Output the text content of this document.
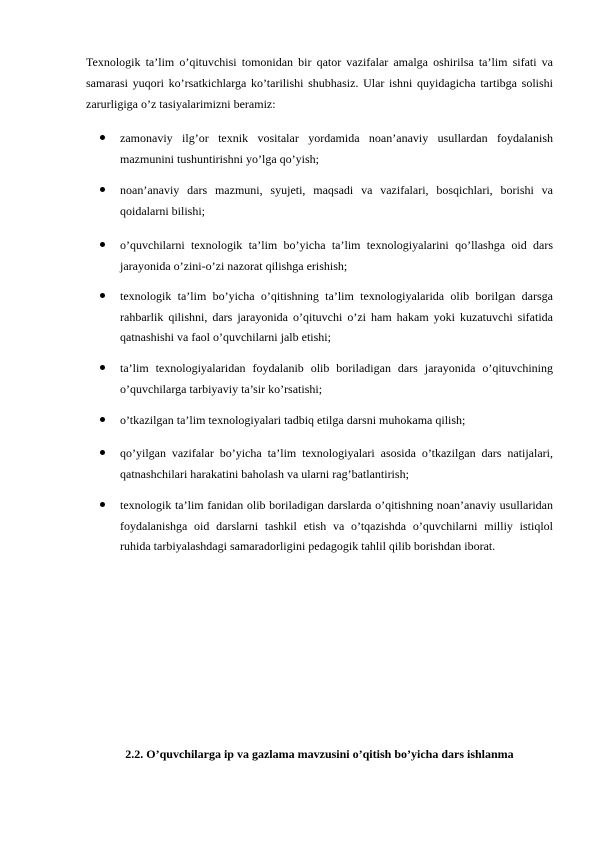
Texnologik ta’lim o’qituvchisi tomonidan bir qator vazifalar amalga oshirilsa ta’lim sifati va samarasi yuqori ko’rsatkichlarga ko’tarilishi shubhasiz. Ular ishni quyidagicha tartibga solishi zarurligiga o’z tasiyalarimizni beramiz:

zamonaviy ilg’or texnik vositalar yordamida noan’anaviy usullardan foydalanish mazmunini tushuntirishni yo’lga qo’yish;

noan’anaviy dars mazmuni, syujeti, maqsadi va vazifalari, bosqichlari, borishi va qoidalarni bilishi;

o’quvchilarni texnologik ta’lim bo’yicha ta’lim texnologiyalarini qo’llashga oid dars jarayonida o’zini-o’zi nazorat qilishga erishish;

texnologik ta’lim bo’yicha o’qitishning ta’lim texnologiyalarida olib borilgan darsga rahbarlik qilishni, dars jarayonida o’qituvchi o’zi ham hakam yoki kuzatuvchi sifatida qatnashishi va faol o’quvchilarni jalb etishi;

ta’lim texnologiyalaridan foydalanib olib boriladigan dars jarayonida o’qituvchining o’quvchilarga tarbiyaviy ta’sir ko’rsatishi;

o’tkazilgan ta’lim texnologiyalari tadbiq etilga darsni muhokama qilish;

qo’yilgan vazifalar bo’yicha ta’lim texnologiyalari asosida o’tkazilgan dars natijalari, qatnashchilari harakatini baholash va ularni rag’batlantirish;

texnologik ta’lim fanidan olib boriladigan darslarda o’qitishning noan’anaviy usullaridan foydalanishga oid darslarni tashkil etish va o’tqazishda o’quvchilarni milliy istiqlol ruhida tarbiyalashdagi samaradorligini pedagogik tahlil qilib borishdan iborat.

2.2. O’quvchilarga ip va gazlama mavzusini o’qitish bo’yicha dars ishlanma
